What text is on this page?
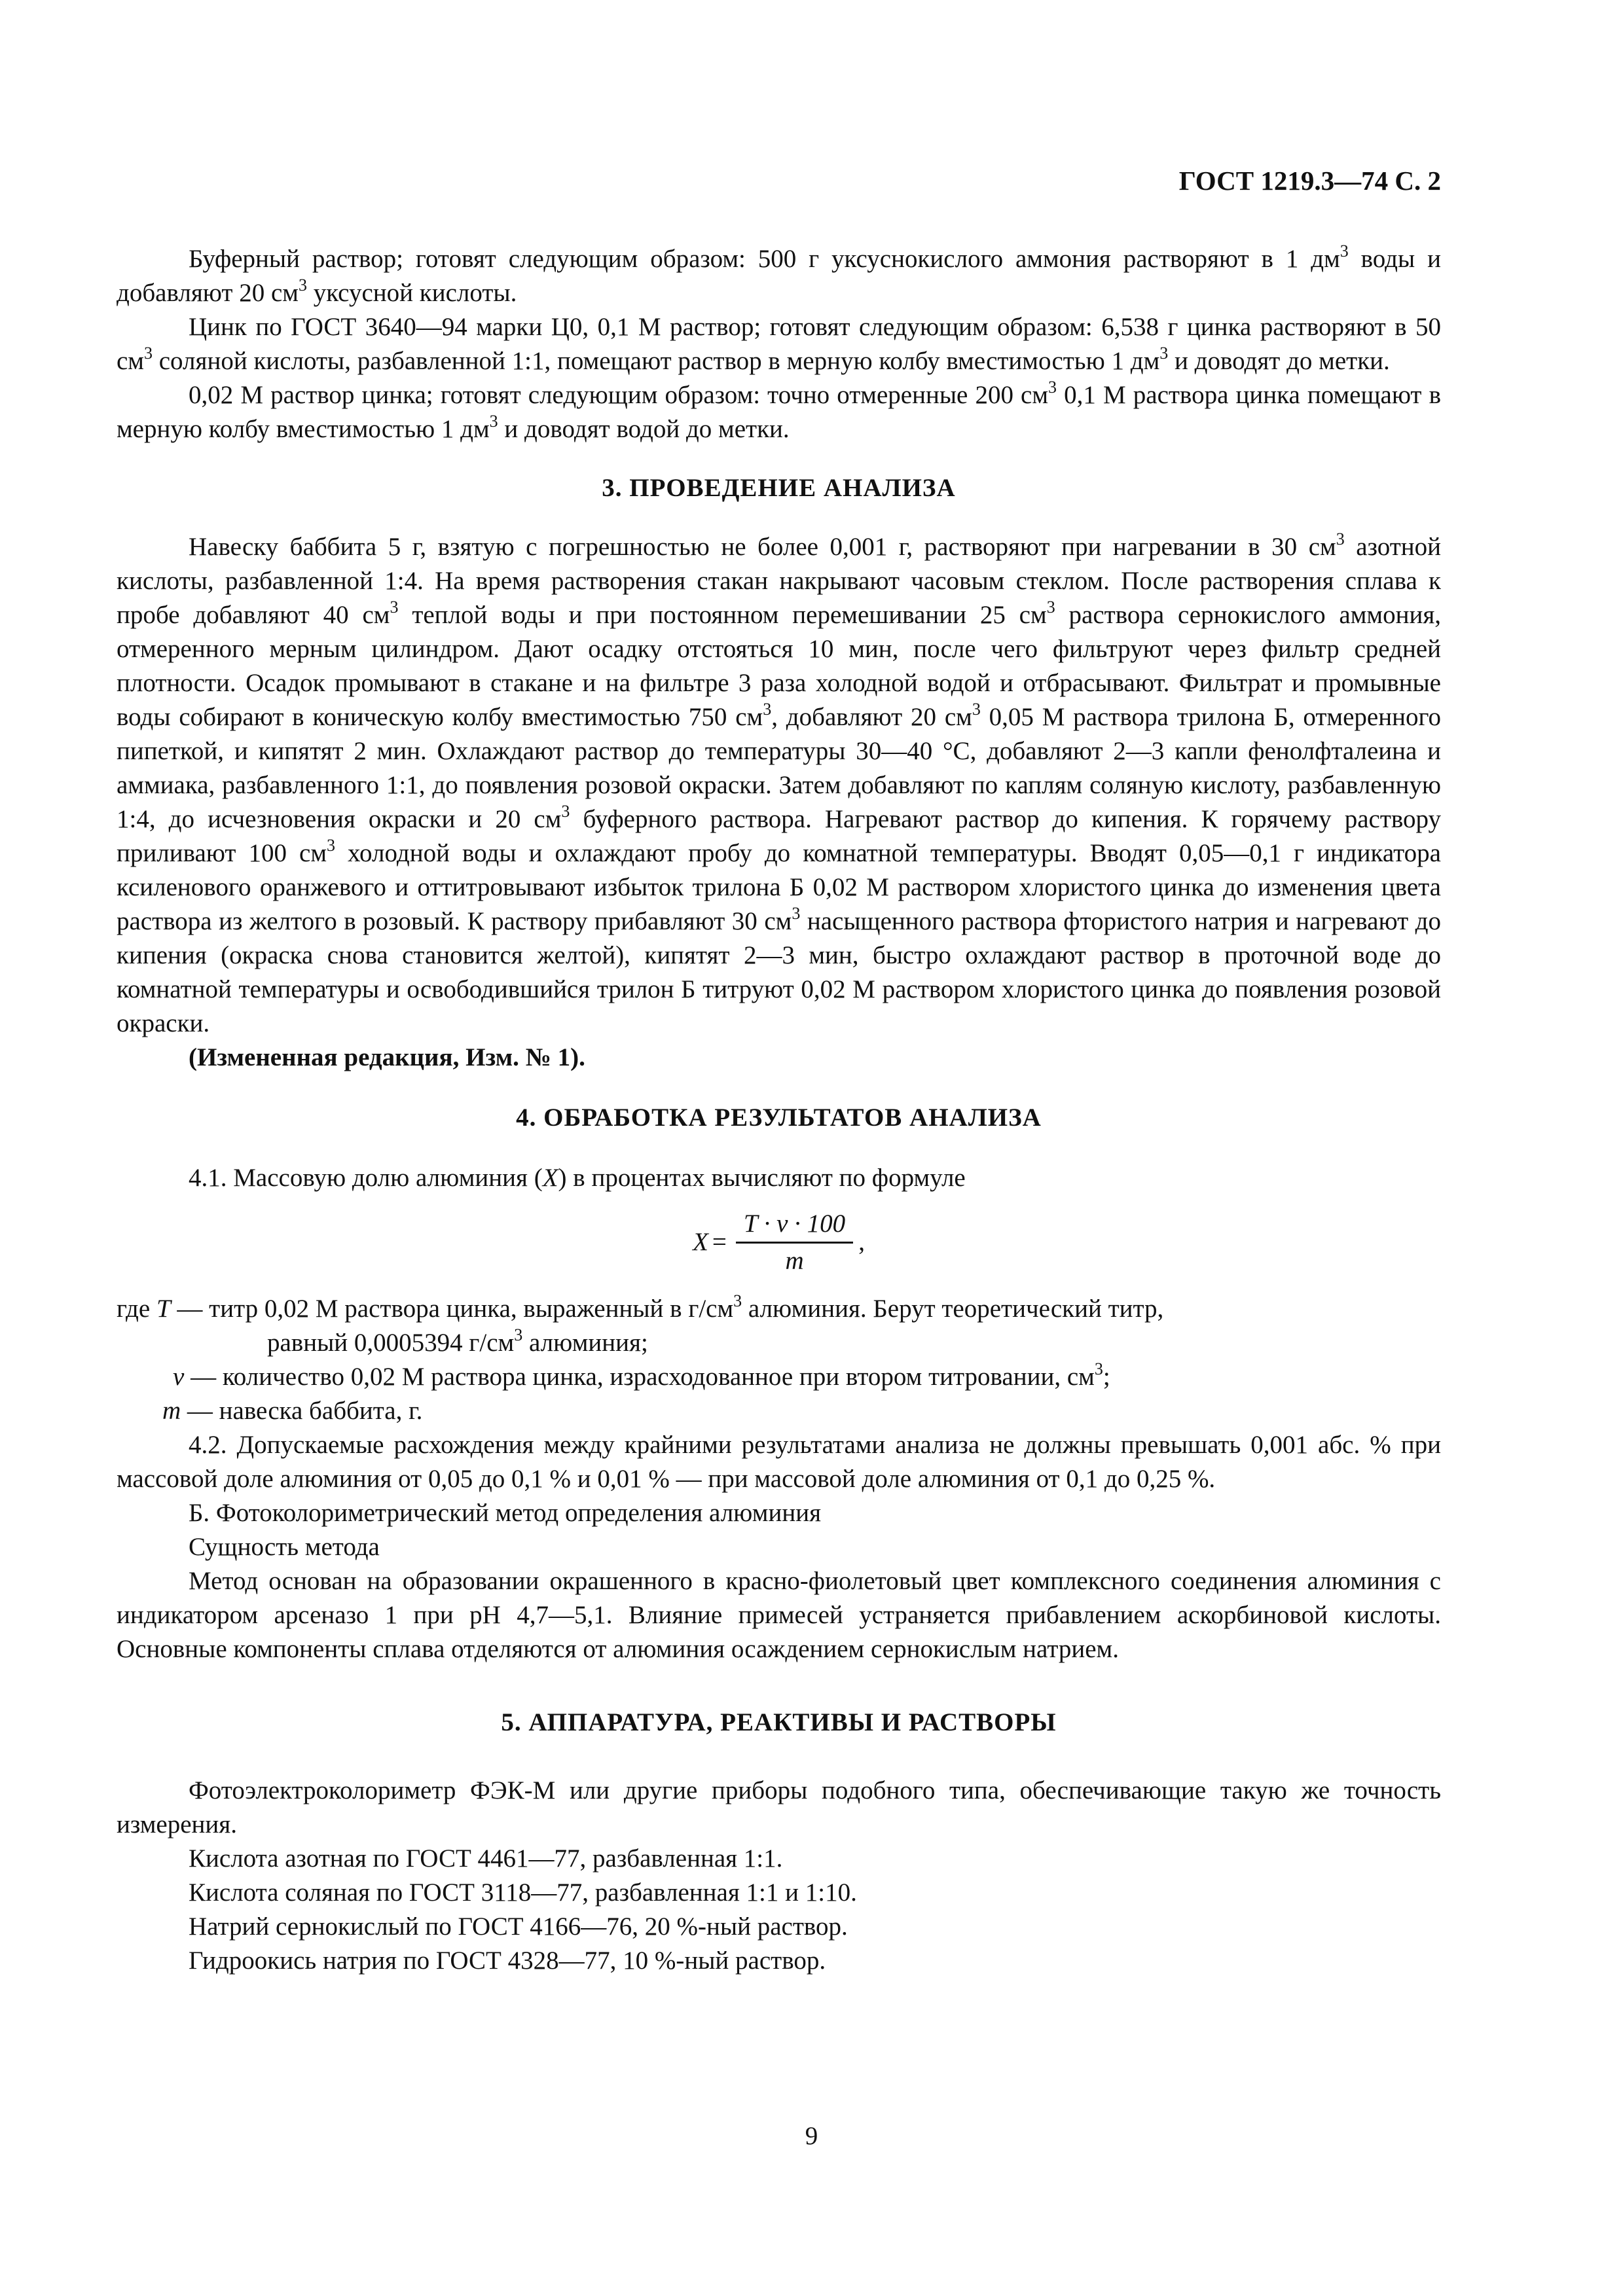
ГОСТ 1219.3—74 С. 2

Буферный раствор; готовят следующим образом: 500 г уксуснокислого аммония растворяют в 1 $дм^3$ воды и добавляют 20 $см^3$ уксусной кислоты.

Цинк по ГОСТ 3640—94 марки Ц0, 0,1 М раствор; готовят следующим образом: 6,538 г цинка растворяют в 50 $см^3$ соляной кислоты, разбавленной 1:1, помещают раствор в мерную колбу вместимостью 1 $дм^3$ и доводят до метки.

0,02 М раствор цинка; готовят следующим образом: точно отмеренные 200 $см^3$ 0,1 М раствора цинка помещают в мерную колбу вместимостью 1 $дм^3$ и доводят водой до метки.

3. ПРОВЕДЕНИЕ АНАЛИЗА

Навеску баббита 5 г, взятую с погрешностью не более 0,001 г, растворяют при нагревании в 30 $см^3$ азотной кислоты, разбавленной 1:4. На время растворения стакан накрывают часовым стеклом. После растворения сплава к пробе добавляют 40 $см^3$ теплой воды и при постоянном перемешивании 25 $см^3$ раствора сернокислого аммония, отмеренного мерным цилиндром. Дают осадку отстояться 10 мин, после чего фильтруют через фильтр средней плотности. Осадок промывают в стакане и на фильтре 3 раза холодной водой и отбрасывают. Фильтрат и промывные воды собирают в коническую колбу вместимостью 750 $см^3$, добавляют 20 $см^3$ 0,05 М раствора трилона Б, отмеренного пипеткой, и кипятят 2 мин. Охлаждают раствор до температуры 30—40 °С, добавляют 2—3 капли фенолфталеина и аммиака, разбавленного 1:1, до появления розовой окраски. Затем добавляют по каплям соляную кислоту, разбавленную 1:4, до исчезновения окраски и 20 $см^3$ буферного раствора. Нагревают раствор до кипения. К горячему раствору приливают 100 $см^3$ холодной воды и охлаждают пробу до комнатной температуры. Вводят 0,05—0,1 г индикатора ксиленового оранжевого и оттитровывают избыток трилона Б 0,02 М раствором хлористого цинка до изменения цвета раствора из желтого в розовый. К раствору прибавляют 30 $см^3$ насыщенного раствора фтористого натрия и нагревают до кипения (окраска снова становится желтой), кипятят 2—3 мин, быстро охлаждают раствор в проточной воде до комнатной температуры и освободившийся трилон Б титруют 0,02 М раствором хлористого цинка до появления розовой окраски.

(Измененная редакция, Изм. № 1).

4. ОБРАБОТКА РЕЗУЛЬТАТОВ АНАЛИЗА

4.1. Массовую долю алюминия (X) в процентах вычисляют по формуле

$X = \frac{T \cdot v \cdot 100}{m}$ ,
где T — титр 0,02 М раствора цинка, выраженный в $г/см^3$ алюминия. Берут теоретический титр,
равный 0,0005394 $г/см^3$ алюминия;
v — количество 0,02 М раствора цинка, израсходованное при втором титровании, $см^3$;
m — навеска баббита, г.

4.2. Допускаемые расхождения между крайними результатами анализа не должны превышать 0,001 абс. % при массовой доле алюминия от 0,05 до 0,1 % и 0,01 % — при массовой доле алюминия от 0,1 до 0,25 %.

Б. Фотоколориметрический метод определения алюминия

Сущность метода

Метод основан на образовании окрашенного в красно-фиолетовый цвет комплексного соединения алюминия с индикатором арсеназо 1 при pH 4,7—5,1. Влияние примесей устраняется прибавлением аскорбиновой кислоты. Основные компоненты сплава отделяются от алюминия осаждением сернокислым натрием.

5. АППАРАТУРА, РЕАКТИВЫ И РАСТВОРЫ

Фотоэлектроколориметр ФЭК-М или другие приборы подобного типа, обеспечивающие такую же точность измерения.

Кислота азотная по ГОСТ 4461—77, разбавленная 1:1.

Кислота соляная по ГОСТ 3118—77, разбавленная 1:1 и 1:10.

Натрий сернокислый по ГОСТ 4166—76, 20 %-ный раствор.

Гидроокись натрия по ГОСТ 4328—77, 10 %-ный раствор.

9
